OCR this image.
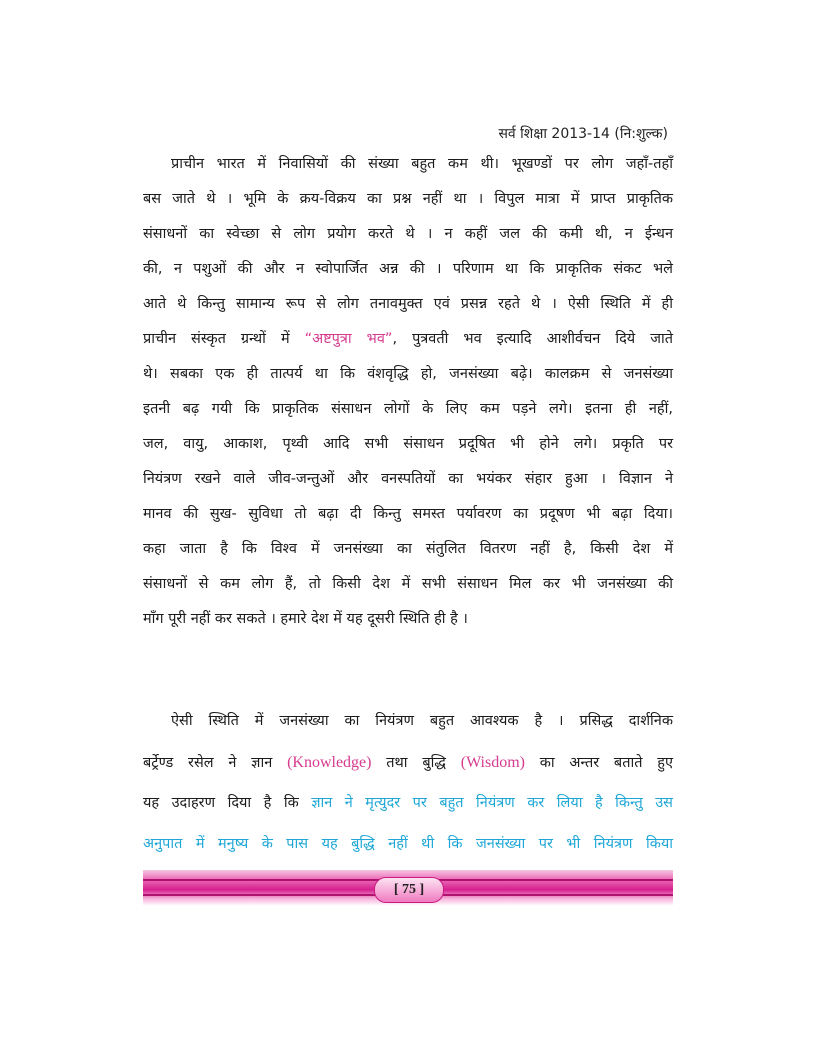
सर्व शिक्षा 2013-14 (नि:शुल्क)
प्राचीन भारत में निवासियों की संख्या बहुत कम थी। भूखण्डों पर लोग जहाँ-तहाँ
बस जाते थे । भूमि के क्रय-विक्रय का प्रश्न नहीं था । विपुल मात्रा में प्राप्त प्राकृतिक
संसाधनों का स्वेच्छा से लोग प्रयोग करते थे । न कहीं जल की कमी थी, न ईन्धन
की, न पशुओं की और न स्वोपार्जित अन्न की । परिणाम था कि प्राकृतिक संकट भले
आते थे किन्तु सामान्य रूप से लोग तनावमुक्त एवं प्रसन्न रहते थे । ऐसी स्थिति में ही
प्राचीन संस्कृत ग्रन्थों में “अष्टपुत्रा भव”, पुत्रवती भव इत्यादि आशीर्वचन दिये जाते
थे। सबका एक ही तात्पर्य था कि वंशवृद्धि हो, जनसंख्या बढ़े। कालक्रम से जनसंख्या
इतनी बढ़ गयी कि प्राकृतिक संसाधन लोगों के लिए कम पड़ने लगे। इतना ही नहीं,
जल, वायु, आकाश, पृथ्वी आदि सभी संसाधन प्रदूषित भी होने लगे। प्रकृति पर
नियंत्रण रखने वाले जीव-जन्तुओं और वनस्पतियों का भयंकर संहार हुआ । विज्ञान ने
मानव की सुख- सुविधा तो बढ़ा दी किन्तु समस्त पर्यावरण का प्रदूषण भी बढ़ा दिया।
कहा जाता है कि विश्व में जनसंख्या का संतुलित वितरण नहीं है, किसी देश में
संसाधनों से कम लोग हैं, तो किसी देश में सभी संसाधन मिल कर भी जनसंख्या की
माँग पूरी नहीं कर सकते । हमारे देश में यह दूसरी स्थिति ही है ।
ऐसी स्थिति में जनसंख्या का नियंत्रण बहुत आवश्यक है । प्रसिद्ध दार्शनिक
बर्ट्रेण्ड रसेल ने ज्ञान (Knowledge) तथा बुद्धि (Wisdom) का अन्तर बताते हुए
यह उदाहरण दिया है कि ज्ञान ने मृत्युदर पर बहुत नियंत्रण कर लिया है किन्तु उस
अनुपात में मनुष्य के पास यह बुद्धि नहीं थी कि जनसंख्या पर भी नियंत्रण किया
[ 75 ]
